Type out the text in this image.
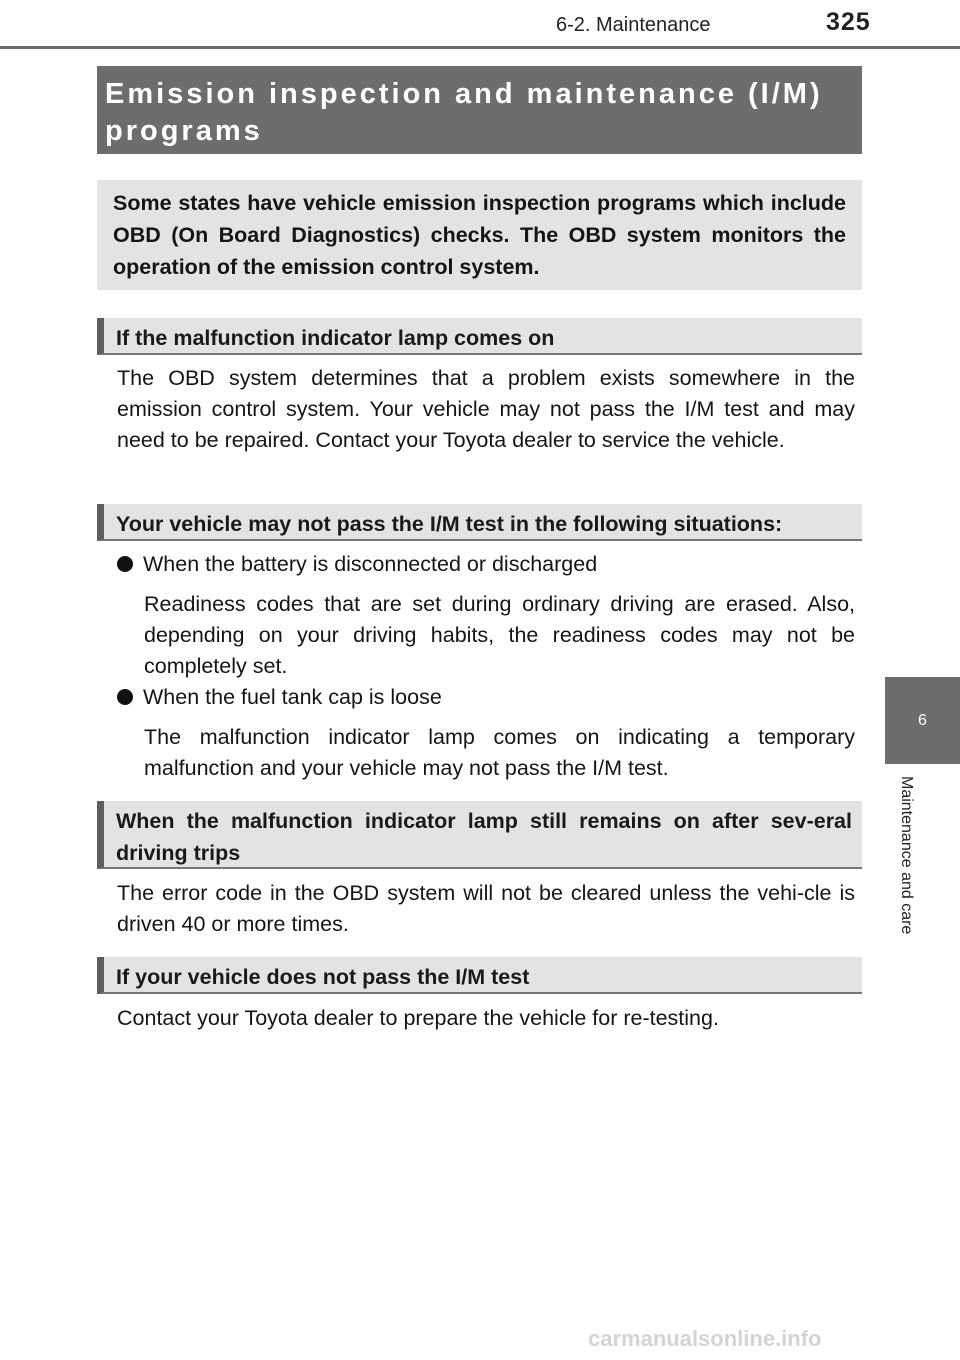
6-2. Maintenance	325
Emission inspection and maintenance (I/M) programs
Some states have vehicle emission inspection programs which include OBD (On Board Diagnostics) checks. The OBD system monitors the operation of the emission control system.
If the malfunction indicator lamp comes on
The OBD system determines that a problem exists somewhere in the emission control system. Your vehicle may not pass the I/M test and may need to be repaired. Contact your Toyota dealer to service the vehicle.
Your vehicle may not pass the I/M test in the following situations:
When the battery is disconnected or discharged
Readiness codes that are set during ordinary driving are erased. Also, depending on your driving habits, the readiness codes may not be completely set.
When the fuel tank cap is loose
The malfunction indicator lamp comes on indicating a temporary malfunction and your vehicle may not pass the I/M test.
When the malfunction indicator lamp still remains on after sev-eral driving trips
The error code in the OBD system will not be cleared unless the vehi-cle is driven 40 or more times.
If your vehicle does not pass the I/M test
Contact your Toyota dealer to prepare the vehicle for re-testing.
6
Maintenance and care
carmanualsonline.info
